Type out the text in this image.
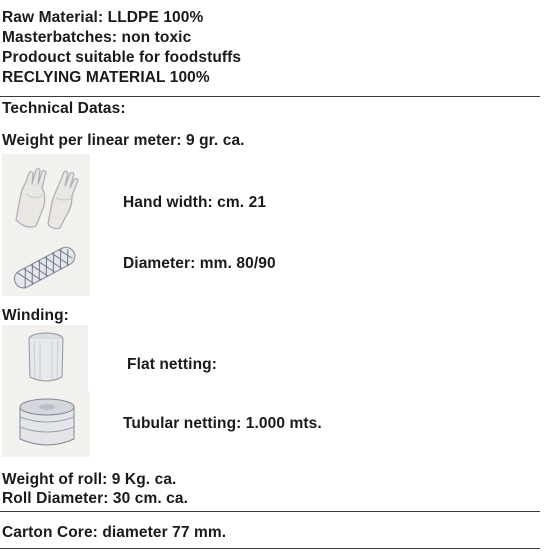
Raw Material: LLDPE 100%
Masterbatches: non toxic
Prodouct suitable for foodstuffs
RECLYING MATERIAL 100%
Technical Datas:
Weight per linear meter: 9 gr. ca.
Hand width: cm. 21
Diameter: mm. 80/90
Winding:
Flat netting:
Tubular netting: 1.000 mts.
Weight of roll: 9 Kg. ca.
Roll Diameter: 30 cm. ca.
Carton Core: diameter 77 mm.
